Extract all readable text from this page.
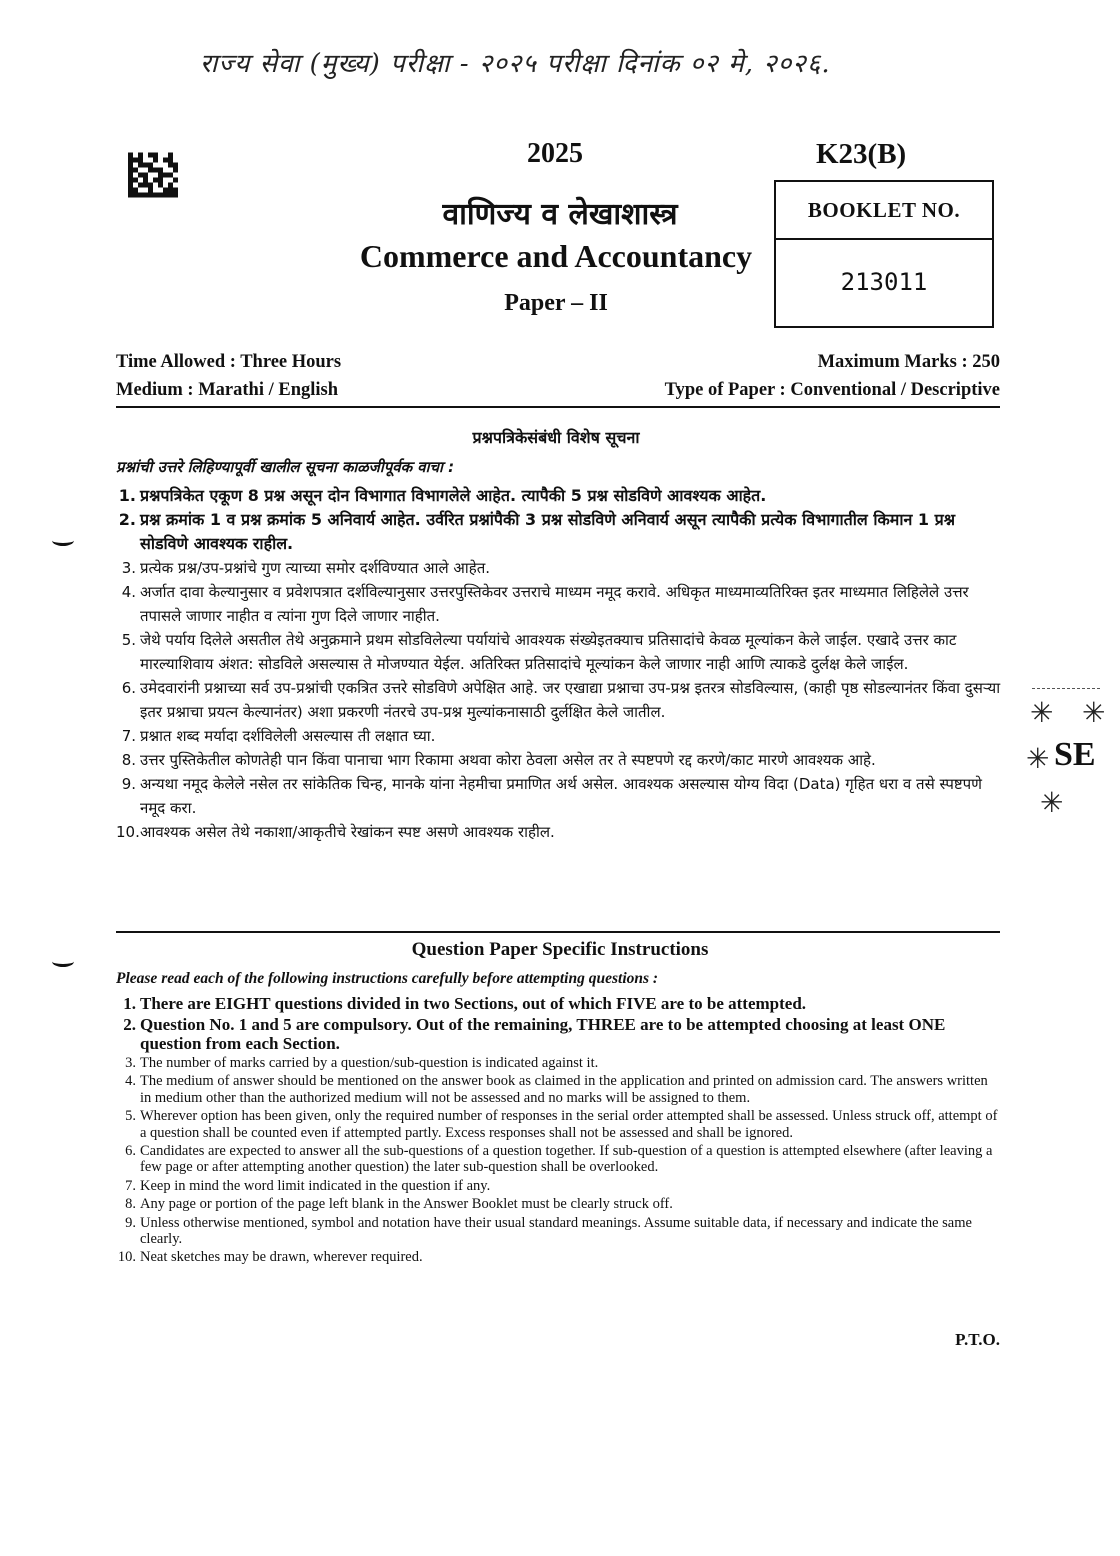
राज्य सेवा (मुख्य) परीक्षा - २०२५ परीक्षा दिनांक ०२ मे, २०२६.
2025	K23(B)
BOOKLET NO.
213011
वाणिज्य व लेखाशास्त्र
Commerce and Accountancy
Paper – II
Time Allowed : Three Hours
Medium : Marathi / English
Maximum Marks : 250
Type of Paper : Conventional / Descriptive
प्रश्नपत्रिकेसंबंधी विशेष सूचना
प्रश्नांची उत्तरे लिहिण्यापूर्वी खालील सूचना काळजीपूर्वक वाचा :
1. प्रश्नपत्रिकेत एकूण 8 प्रश्न असून दोन विभागात विभागलेले आहेत. त्यापैकी 5 प्रश्न सोडविणे आवश्यक आहेत.
2. प्रश्न क्रमांक 1 व प्रश्न क्रमांक 5 अनिवार्य आहेत. उर्वरित प्रश्नांपैकी 3 प्रश्न सोडविणे अनिवार्य असून त्यापैकी प्रत्येक विभागातील किमान 1 प्रश्न सोडविणे आवश्यक राहील.
3. प्रत्येक प्रश्न/उप-प्रश्नांचे गुण त्याच्या समोर दर्शविण्यात आले आहेत.
4. अर्जात दावा केल्यानुसार व प्रवेशपत्रात दर्शविल्यानुसार उत्तरपुस्तिकेवर उत्तराचे माध्यम नमूद करावे. अधिकृत माध्यमाव्यतिरिक्त इतर माध्यमात लिहिलेले उत्तर तपासले जाणार नाहीत व त्यांना गुण दिले जाणार नाहीत.
5. जेथे पर्याय दिलेले असतील तेथे अनुक्रमाने प्रथम सोडविलेल्या पर्यायांचे आवश्यक संख्येइतक्याच प्रतिसादांचे केवळ मूल्यांकन केले जाईल. एखादे उत्तर काट मारल्याशिवाय अंशत: सोडविले असल्यास ते मोजण्यात येईल. अतिरिक्त प्रतिसादांचे मूल्यांकन केले जाणार नाही आणि त्याकडे दुर्लक्ष केले जाईल.
6. उमेदवारांनी प्रश्नाच्या सर्व उप-प्रश्नांची एकत्रित उत्तरे सोडविणे अपेक्षित आहे. जर एखाद्या प्रश्नाचा उप-प्रश्न इतरत्र सोडविल्यास, (काही पृष्ठ सोडल्यानंतर किंवा दुसऱ्या इतर प्रश्नाचा प्रयत्न केल्यानंतर) अशा प्रकरणी नंतरचे उप-प्रश्न मुल्यांकनासाठी दुर्लक्षित केले जातील.
7. प्रश्नात शब्द मर्यादा दर्शविलेली असल्यास ती लक्षात घ्या.
8. उत्तर पुस्तिकेतील कोणतेही पान किंवा पानाचा भाग रिकामा अथवा कोरा ठेवला असेल तर ते स्पष्टपणे रद्द करणे/काट मारणे आवश्यक आहे.
9. अन्यथा नमूद केलेले नसेल तर सांकेतिक चिन्ह, मानके यांना नेहमीचा प्रमाणित अर्थ असेल. आवश्यक असल्यास योग्य विदा (Data) गृहित धरा व तसे स्पष्टपणे नमूद करा.
10. आवश्यक असेल तेथे नकाशा/आकृतीचे रेखांकन स्पष्ट असणे आवश्यक राहील.
Question Paper Specific Instructions
Please read each of the following instructions carefully before attempting questions :
1. There are EIGHT questions divided in two Sections, out of which FIVE are to be attempted.
2. Question No. 1 and 5 are compulsory. Out of the remaining, THREE are to be attempted choosing at least ONE question from each Section.
3. The number of marks carried by a question/sub-question is indicated against it.
4. The medium of answer should be mentioned on the answer book as claimed in the application and printed on admission card. The answers written in medium other than the authorized medium will not be assessed and no marks will be assigned to them.
5. Wherever option has been given, only the required number of responses in the serial order attempted shall be assessed. Unless struck off, attempt of a question shall be counted even if attempted partly. Excess responses shall not be assessed and shall be ignored.
6. Candidates are expected to answer all the sub-questions of a question together. If sub-question of a question is attempted elsewhere (after leaving a few page or after attempting another question) the later sub-question shall be overlooked.
7. Keep in mind the word limit indicated in the question if any.
8. Any page or portion of the page left blank in the Answer Booklet must be clearly struck off.
9. Unless otherwise mentioned, symbol and notation have their usual standard meanings. Assume suitable data, if necessary and indicate the same clearly.
10. Neat sketches may be drawn, wherever required.
P.T.O.
✳ ✳
✳ SE
✳
